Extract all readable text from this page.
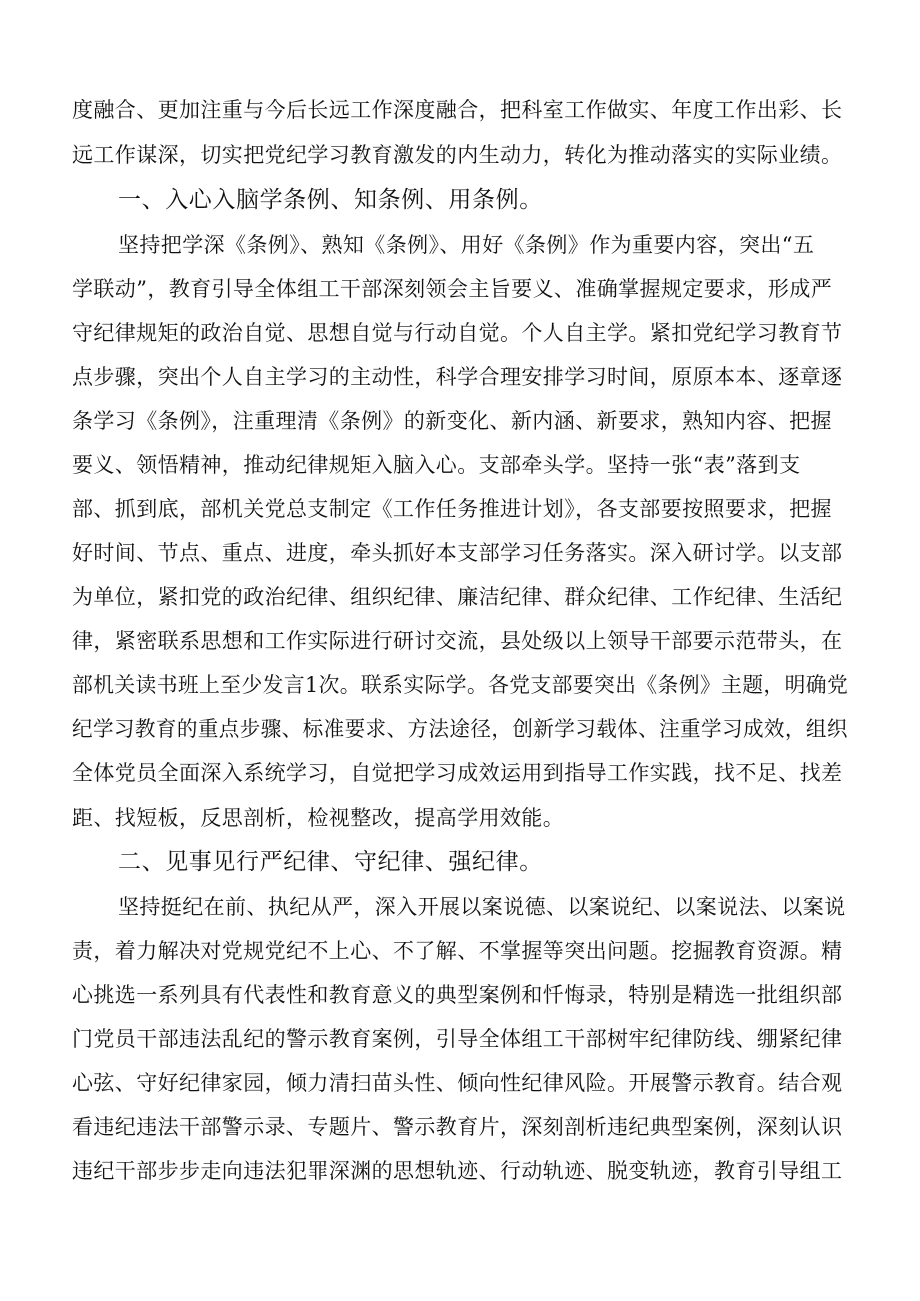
度融合、更加注重与今后长远工作深度融合，把科室工作做实、年度工作出彩、长
远工作谋深，切实把党纪学习教育激发的内生动力，转化为推动落实的实际业绩。
一、入心入脑学条例、知条例、用条例。
坚持把学深《条例》、熟知《条例》、用好《条例》作为重要内容，突出“五
学联动”，教育引导全体组工干部深刻领会主旨要义、准确掌握规定要求，形成严
守纪律规矩的政治自觉、思想自觉与行动自觉。个人自主学。紧扣党纪学习教育节
点步骤，突出个人自主学习的主动性，科学合理安排学习时间，原原本本、逐章逐
条学习《条例》，注重理清《条例》的新变化、新内涵、新要求，熟知内容、把握
要义、领悟精神，推动纪律规矩入脑入心。支部牵头学。坚持一张“表”落到支
部、抓到底，部机关党总支制定《工作任务推进计划》，各支部要按照要求，把握
好时间、节点、重点、进度，牵头抓好本支部学习任务落实。深入研讨学。以支部
为单位，紧扣党的政治纪律、组织纪律、廉洁纪律、群众纪律、工作纪律、生活纪
律，紧密联系思想和工作实际进行研讨交流，县处级以上领导干部要示范带头，在
部机关读书班上至少发言1次。联系实际学。各党支部要突出《条例》主题，明确党
纪学习教育的重点步骤、标准要求、方法途径，创新学习载体、注重学习成效，组织
全体党员全面深入系统学习，自觉把学习成效运用到指导工作实践，找不足、找差
距、找短板，反思剖析，检视整改，提高学用效能。
二、见事见行严纪律、守纪律、强纪律。
坚持挺纪在前、执纪从严，深入开展以案说德、以案说纪、以案说法、以案说
责，着力解决对党规党纪不上心、不了解、不掌握等突出问题。挖掘教育资源。精
心挑选一系列具有代表性和教育意义的典型案例和忏悔录，特别是精选一批组织部
门党员干部违法乱纪的警示教育案例，引导全体组工干部树牢纪律防线、绷紧纪律
心弦、守好纪律家园，倾力清扫苗头性、倾向性纪律风险。开展警示教育。结合观
看违纪违法干部警示录、专题片、警示教育片，深刻剖析违纪典型案例，深刻认识
违纪干部步步走向违法犯罪深渊的思想轨迹、行动轨迹、脱变轨迹，教育引导组工
